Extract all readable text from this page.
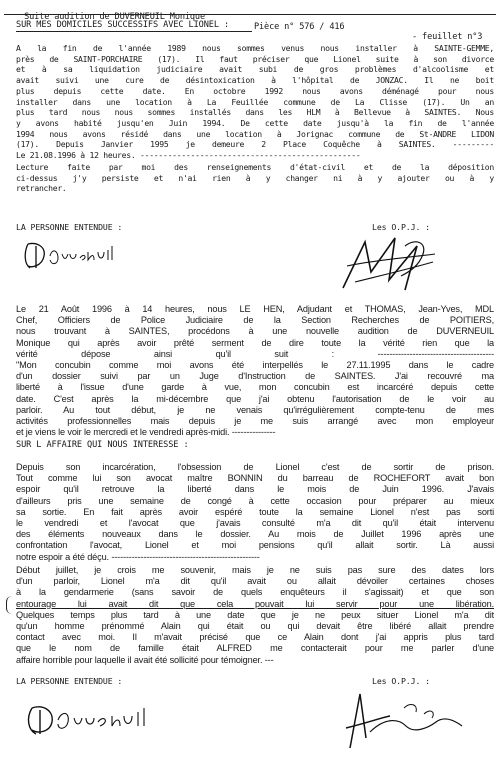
Suite audition de DUVERNEUIL Monique

Pièce n° 576 / 416

- feuillet n°3

SUR MES DOMICILES SUCCESSIFS AVEC LIONEL :
A la fin de l'année 1989 nous sommes venus nous installer à SAINTE-GEMME,
près de SAINT-PORCHAIRE (17). Il faut préciser que Lionel suite à son divorce
et à sa liquidation judiciaire avait subi de gros problèmes d'alcoolisme et
avait suivi une cure de désintoxication à l'hôpital de JONZAC. Il ne boit
plus depuis cette date. En octobre 1992 nous avons déménagé pour nous
installer dans une location à La Feuillée commune de La Clisse (17). Un an
plus tard nous nous sommes installés dans les HLM à Bellevue à SAINTES. Nous
y avons habité jusqu'en Juin 1994. De cette date jusqu'à la fin de l'année
1994 nous avons résidé dans une location à Jorignac commune de St-ANDRE LIDON
(17). Depuis Janvier 1995 je demeure 2 Place Coquêche à SAINTES. ---------
Le 21.08.1996 à 12 heures. ------------------------------------------------
Lecture faite par moi des renseignements d'état-civil et de la déposition
ci-dessus j'y persiste et n'ai rien à y changer ni à y ajouter ou à y
retrancher.
LA PERSONNE ENTENDUE :	Les O.P.J. :
Le 21 Août 1996 à 14 heures, nous LE HEN, Adjudant et THOMAS, Jean-Yves, MDL
Chef, Officiers de Police Judiciaire de la Section Recherches de POITIERS,
nous trouvant à SAINTES, procédons à une nouvelle audition de DUVERNEUIL
Monique qui après avoir prêté serment de dire toute la vérité rien que la
vérité dépose ainsi qu'il suit : ----------------------------------------
"Mon concubin comme moi avons été interpellés le 27.11.1995 dans le cadre
d'un dossier suivi par un Juge d'Instruction de SAINTES. J'ai recouvré ma
liberté à l'issue d'une garde à vue, mon concubin est incarcéré depuis cette
date. C'est après la mi-décembre que j'ai obtenu l'autorisation de le voir au
parloir. Au tout début, je ne venais qu'irrégulièrement compte-tenu de mes
activités professionnelles mais depuis je me suis arrangé avec mon employeur
et je viens le voir le mercredi et le vendredi après-midi. ---------------
SUR L AFFAIRE QUI NOUS INTERESSE :
Depuis son incarcération, l'obsession de Lionel c'est de sortir de prison.
Tout comme lui son avocat maître BONNIN du barreau de ROCHEFORT avait bon
espoir qu'il retrouve la liberté dans le mois de Juin 1996. J'avais
d'ailleurs pris une semaine de congé à cette occasion pour préparer au mieux
sa sortie. En fait après avoir espéré toute la semaine Lionel n'est pas sorti
le vendredi et l'avocat que j'avais consulté m'a dit qu'il était intervenu
des éléments nouveaux dans le dossier. Au mois de Juillet 1996 après une
confrontation l'avocat, Lionel et moi pensions qu'il allait sortir. Là aussi
notre espoir a été déçu. ---------------------------------------------------
Début juillet, je crois me souvenir, mais je ne suis pas sure des dates lors
d'un parloir, Lionel m'a dit qu'il avait ou allait dévoiler certaines choses
à la gendarmerie (sans savoir de quels enquêteurs il s'agissait) et que son
entourage lui avait dit que cela pouvait lui servir pour une libération.
Quelques temps plus tard à une date que je ne peux situer Lionel m'a dit
qu'un homme prénommé Alain qui était ou qui devait être libéré allait prendre
contact avec moi. Il m'avait précisé que ce Alain dont j'ai appris plus tard
que le nom de famille était ALFRED me contacterait pour me parler d'une
affaire horrible pour laquelle il avait été sollicité pour témoigner. ---
LA PERSONNE ENTENDUE :	Les O.P.J. :
